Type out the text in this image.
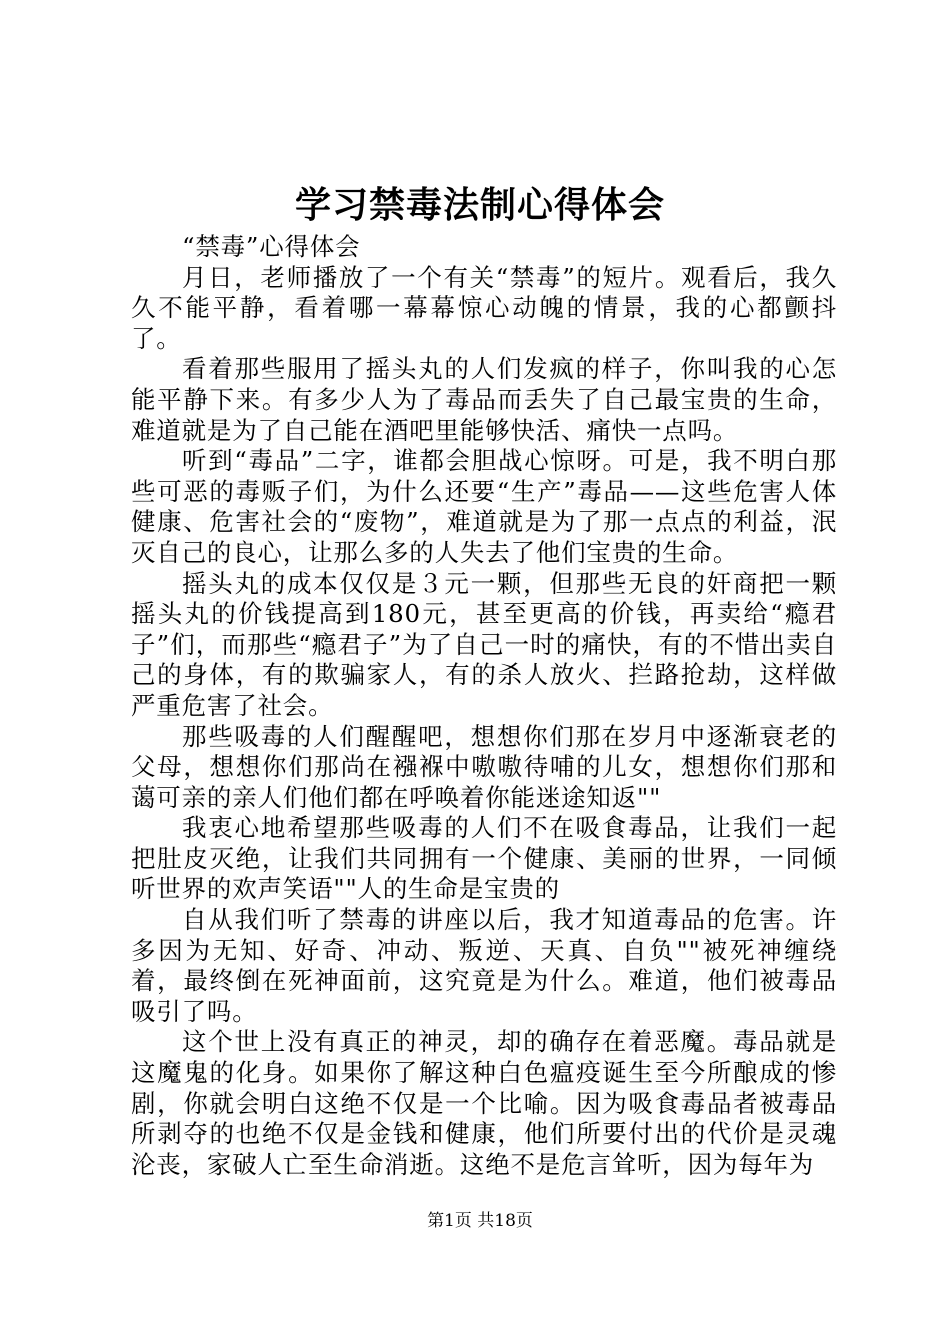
学习禁毒法制心得体会

“禁毒”心得体会

月日，老师播放了一个有关“禁毒”的短片。观看后，我久久不能平静，看着哪一幕幕惊心动魄的情景，我的心都颤抖了。

看着那些服用了摇头丸的人们发疯的样子，你叫我的心怎能平静下来。有多少人为了毒品而丢失了自己最宝贵的生命，难道就是为了自己能在酒吧里能够快活、痛快一点吗。

听到“毒品”二字，谁都会胆战心惊呀。可是，我不明白那些可恶的毒贩子们，为什么还要“生产”毒品——这些危害人体健康、危害社会的“废物”，难道就是为了那一点点的利益，泯灭自己的良心，让那么多的人失去了他们宝贵的生命。

摇头丸的成本仅仅是３元一颗，但那些无良的奸商把一颗摇头丸的价钱提高到180元，甚至更高的价钱，再卖给“瘾君子”们，而那些“瘾君子”为了自己一时的痛快，有的不惜出卖自己的身体，有的欺骗家人，有的杀人放火、拦路抢劫，这样做严重危害了社会。

那些吸毒的人们醒醒吧，想想你们那在岁月中逐渐衰老的父母，想想你们那尚在襁褓中嗷嗷待哺的儿女，想想你们那和蔼可亲的亲人们他们都在呼唤着你能迷途知返""

我衷心地希望那些吸毒的人们不在吸食毒品，让我们一起把肚皮灭绝，让我们共同拥有一个健康、美丽的世界，一同倾听世界的欢声笑语""人的生命是宝贵的

自从我们听了禁毒的讲座以后，我才知道毒品的危害。许多因为无知、好奇、冲动、叛逆、天真、自负""被死神缠绕着，最终倒在死神面前，这究竟是为什么。难道，他们被毒品吸引了吗。

这个世上没有真正的神灵，却的确存在着恶魔。毒品就是这魔鬼的化身。如果你了解这种白色瘟疫诞生至今所酿成的惨剧，你就会明白这绝不仅是一个比喻。因为吸食毒品者被毒品所剥夺的也绝不仅是金钱和健康，他们所要付出的代价是灵魂沦丧，家破人亡至生命消逝。这绝不是危言耸听，因为每年为

第1页 共18页
